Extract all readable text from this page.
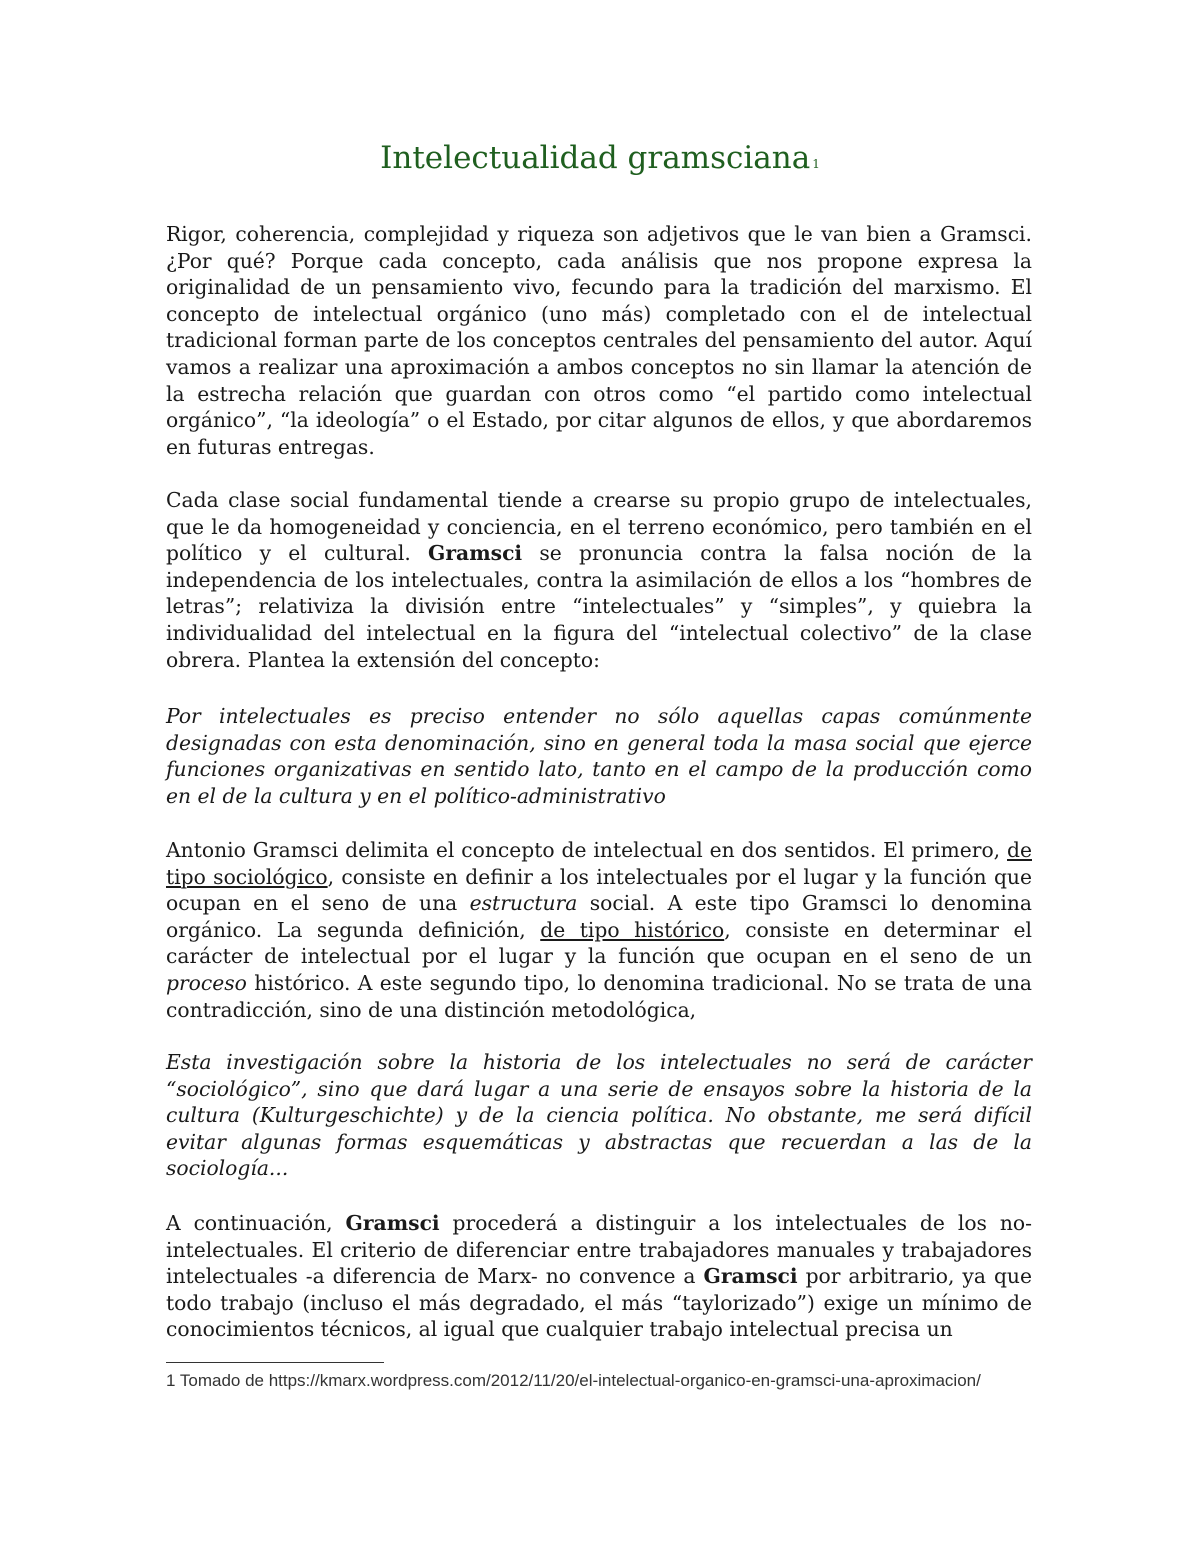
Intelectualidad gramsciana $^1$

Rigor, coherencia, complejidad y riqueza son adjetivos que le van bien a Gramsci. ¿Por qué? Porque cada concepto, cada análisis que nos propone expresa la originalidad de un pensamiento vivo, fecundo para la tradición del marxismo. El concepto de intelectual orgánico (uno más) completado con el de intelectual tradicional forman parte de los conceptos centrales del pensamiento del autor. Aquí vamos a realizar una aproximación a ambos conceptos no sin llamar la atención de la estrecha relación que guardan con otros como “el partido como intelectual orgánico”, “la ideología” o el Estado, por citar algunos de ellos, y que abordaremos en futuras entregas.

Cada clase social fundamental tiende a crearse su propio grupo de intelectuales, que le da homogeneidad y conciencia, en el terreno económico, pero también en el político y el cultural. Gramsci se pronuncia contra la falsa noción de la independencia de los intelectuales, contra la asimilación de ellos a los “hombres de letras”; relativiza la división entre “intelectuales” y “simples”, y quiebra la individualidad del intelectual en la figura del “intelectual colectivo” de la clase obrera. Plantea la extensión del concepto:

Por intelectuales es preciso entender no sólo aquellas capas comúnmente designadas con esta denominación, sino en general toda la masa social que ejerce funciones organizativas en sentido lato, tanto en el campo de la producción como en el de la cultura y en el político-administrativo

Antonio Gramsci delimita el concepto de intelectual en dos sentidos. El primero, de tipo sociológico, consiste en definir a los intelectuales por el lugar y la función que ocupan en el seno de una estructura social. A este tipo Gramsci lo denomina orgánico. La segunda definición, de tipo histórico, consiste en determinar el carácter de intelectual por el lugar y la función que ocupan en el seno de un proceso histórico. A este segundo tipo, lo denomina tradicional. No se trata de una contradicción, sino de una distinción metodológica,

Esta investigación sobre la historia de los intelectuales no será de carácter “sociológico”, sino que dará lugar a una serie de ensayos sobre la historia de la cultura (Kulturgeschichte) y de la ciencia política. No obstante, me será difícil evitar algunas formas esquemáticas y abstractas que recuerdan a las de la sociología...

A continuación, Gramsci procederá a distinguir a los intelectuales de los no-intelectuales. El criterio de diferenciar entre trabajadores manuales y trabajadores intelectuales -a diferencia de Marx- no convence a Gramsci por arbitrario, ya que todo trabajo (incluso el más degradado, el más “taylorizado”) exige un mínimo de conocimientos técnicos, al igual que cualquier trabajo intelectual precisa un

1 Tomado de https://kmarx.wordpress.com/2012/11/20/el-intelectual-organico-en-gramsci-una-aproximacion/
